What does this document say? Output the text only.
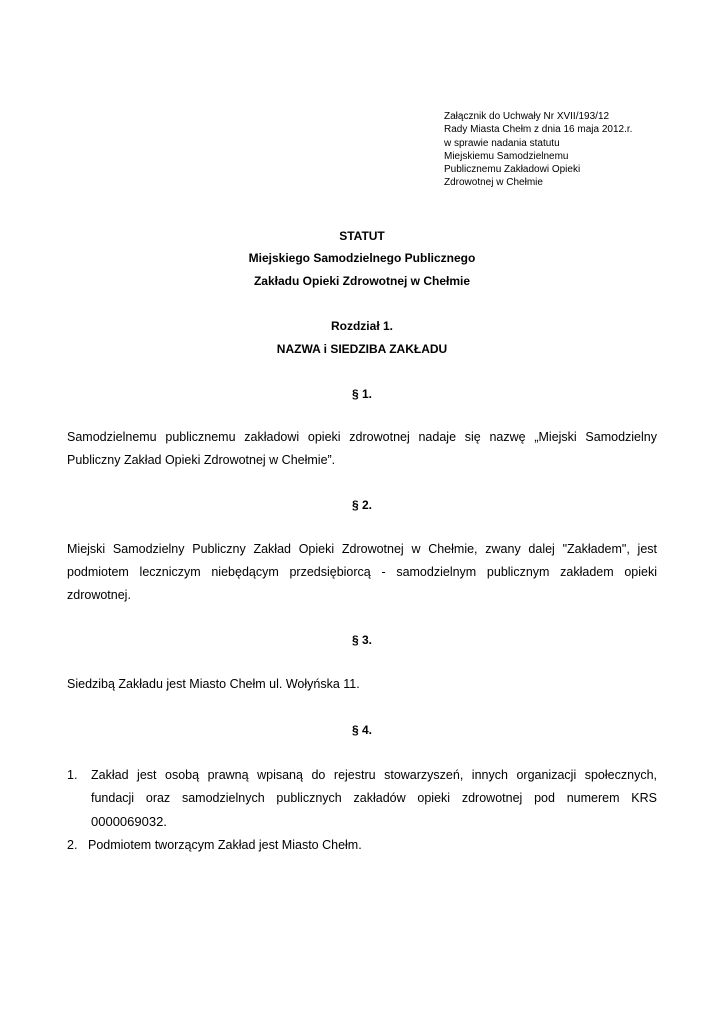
Załącznik do Uchwały Nr XVII/193/12
Rady Miasta Chełm z dnia 16 maja 2012.r.
w sprawie nadania statutu
Miejskiemu Samodzielnemu
Publicznemu Zakładowi Opieki
Zdrowotnej w Chełmie
STATUT
Miejskiego Samodzielnego Publicznego
Zakładu Opieki Zdrowotnej w Chełmie
Rozdział 1.
NAZWA i SIEDZIBA ZAKŁADU
§ 1.
Samodzielnemu publicznemu zakładowi opieki zdrowotnej nadaje się nazwę „Miejski Samodzielny
Publiczny Zakład Opieki Zdrowotnej w Chełmie”.
§ 2.
Miejski Samodzielny Publiczny Zakład Opieki Zdrowotnej w Chełmie, zwany dalej "Zakładem", jest
podmiotem leczniczym niebędącym przedsiębiorcą - samodzielnym publicznym zakładem opieki
zdrowotnej.
§ 3.
Siedzibą Zakładu jest Miasto Chełm ul. Wołyńska 11.
§ 4.
1. Zakład jest osobą prawną wpisaną do rejestru stowarzyszeń, innych organizacji społecznych,
fundacji oraz samodzielnych publicznych zakładów opieki zdrowotnej pod numerem KRS
0000069032.
2. Podmiotem tworzącym Zakład jest Miasto Chełm.
